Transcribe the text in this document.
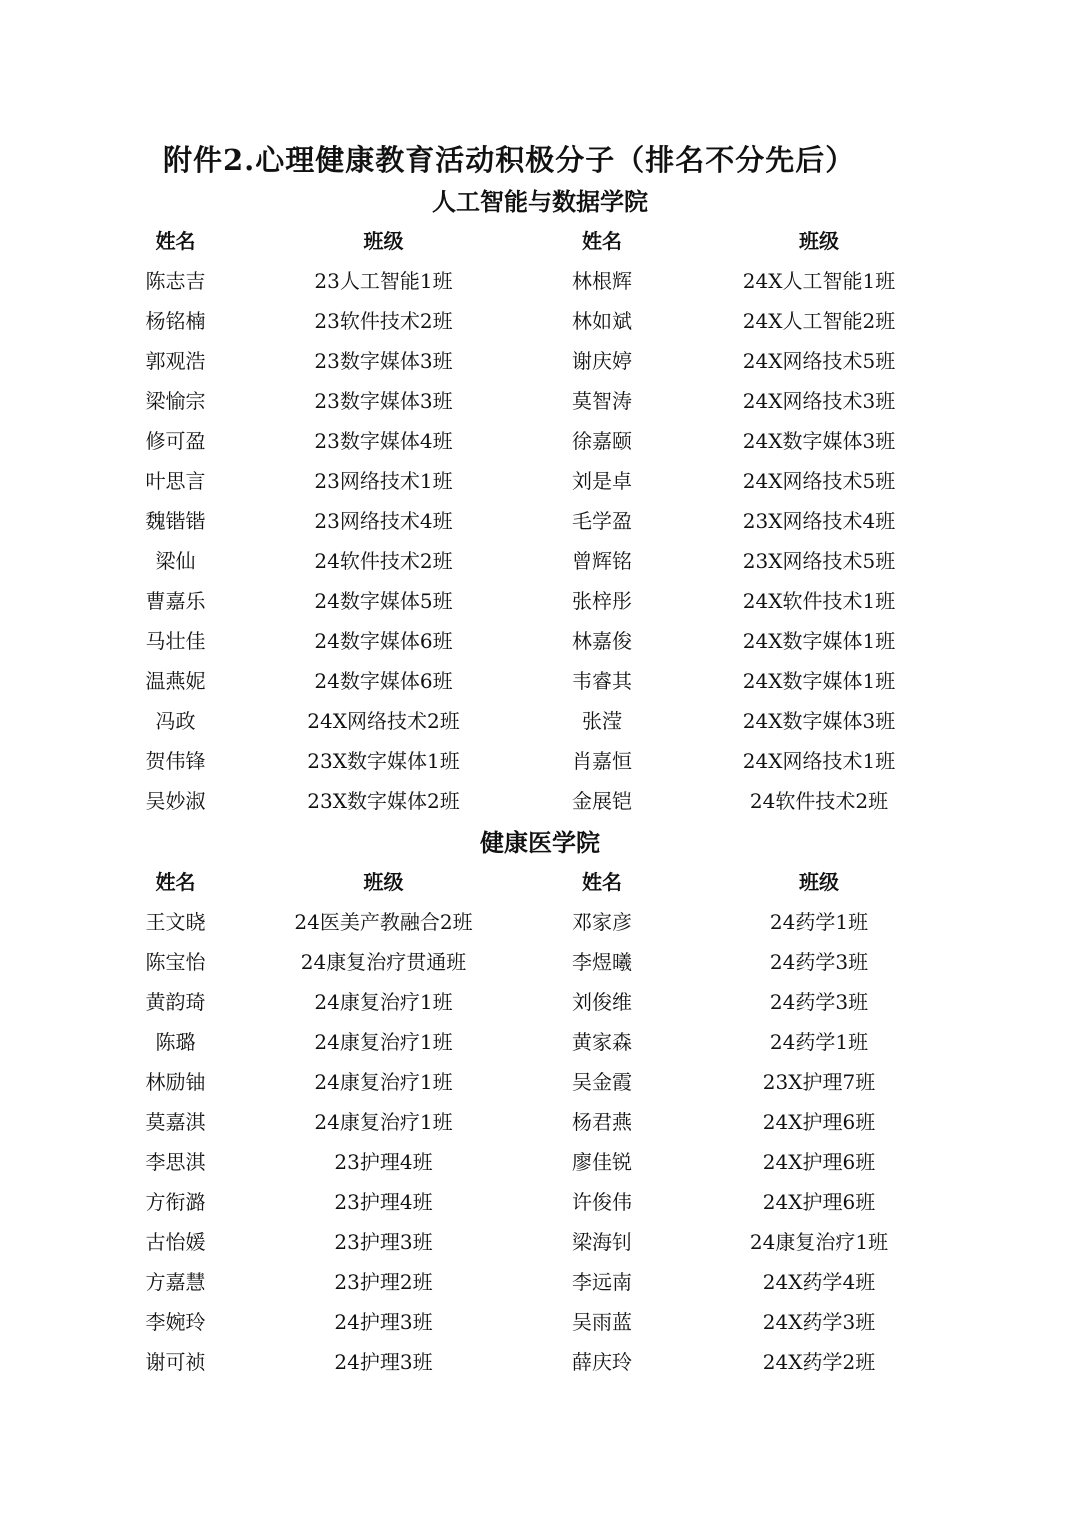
附件2.心理健康教育活动积极分子（排名不分先后）
人工智能与数据学院
姓名	班级	姓名	班级	
陈志吉	23人工智能1班	林根辉	24X人工智能1班	
杨铭楠	23软件技术2班	林如斌	24X人工智能2班	
郭观浩	23数字媒体3班	谢庆婷	24X网络技术5班	
梁愉宗	23数字媒体3班	莫智涛	24X网络技术3班	
修可盈	23数字媒体4班	徐嘉颐	24X数字媒体3班	
叶思言	23网络技术1班	刘是卓	24X网络技术5班	
魏锴锴	23网络技术4班	毛学盈	23X网络技术4班	
梁仙	24软件技术2班	曾辉铭	23X网络技术5班	
曹嘉乐	24数字媒体5班	张梓彤	24X软件技术1班	
马壮佳	24数字媒体6班	林嘉俊	24X数字媒体1班	
温燕妮	24数字媒体6班	韦睿其	24X数字媒体1班	
冯政	24X网络技术2班	张滢	24X数字媒体3班	
贺伟锋	23X数字媒体1班	肖嘉恒	24X网络技术1班	
吴妙淑	23X数字媒体2班	金展铠	24软件技术2班	
健康医学院
姓名	班级	姓名	班级	
王文晓	24医美产教融合2班	邓家彦	24药学1班	
陈宝怡	24康复治疗贯通班	李煜曦	24药学3班	
黄韵琦	24康复治疗1班	刘俊维	24药学3班	
陈璐	24康复治疗1班	黄家森	24药学1班	
林励铀	24康复治疗1班	吴金霞	23X护理7班	
莫嘉淇	24康复治疗1班	杨君燕	24X护理6班	
李思淇	23护理4班	廖佳锐	24X护理6班	
方衔潞	23护理4班	许俊伟	24X护理6班	
古怡媛	23护理3班	梁海钊	24康复治疗1班	
方嘉慧	23护理2班	李远南	24X药学4班	
李婉玲	24护理3班	吴雨蓝	24X药学3班	
谢可祯	24护理3班	薛庆玲	24X药学2班	
